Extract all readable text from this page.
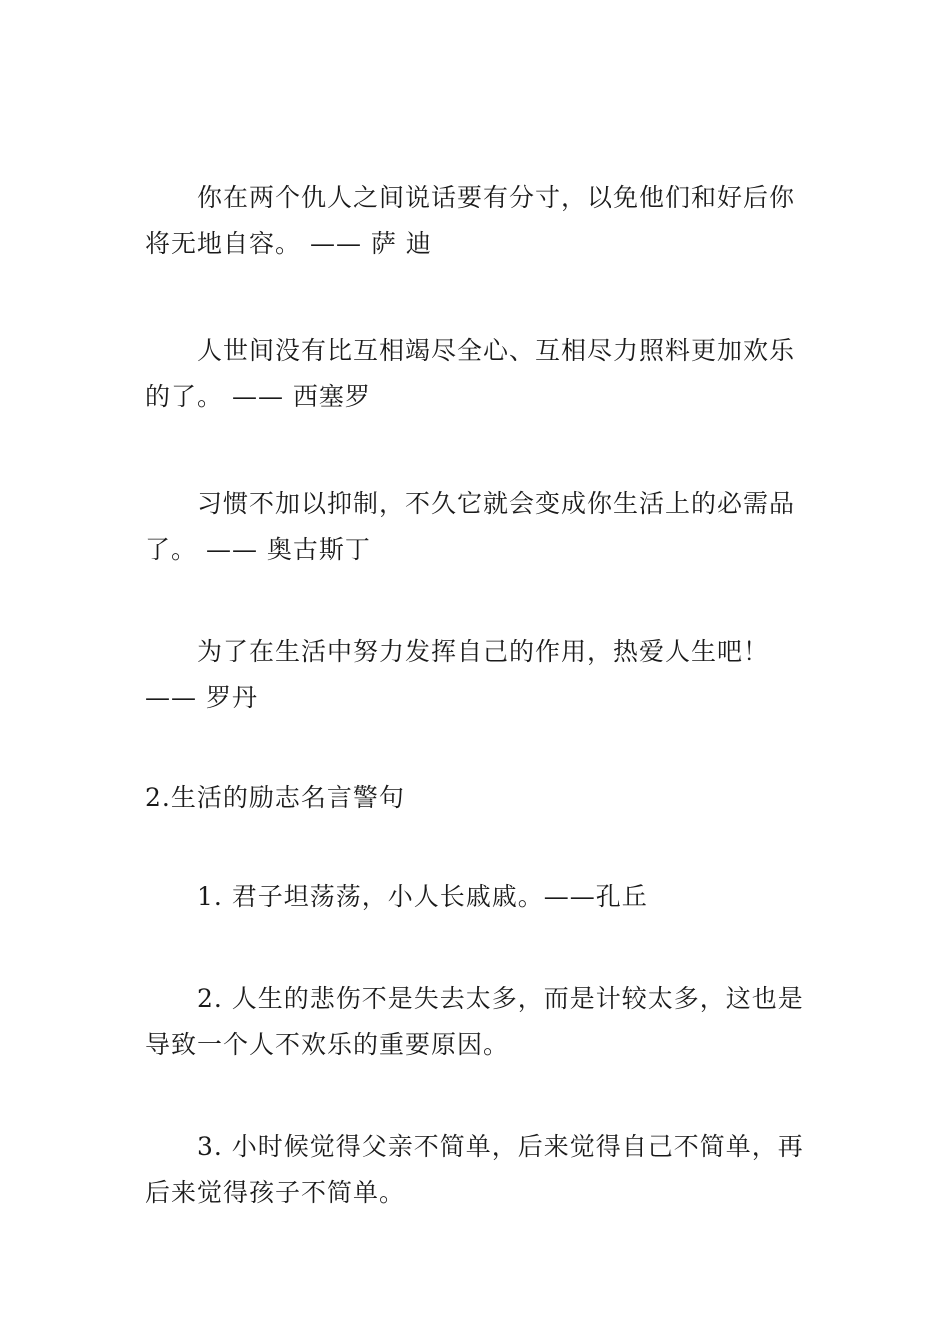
你在两个仇人之间说话要有分寸，以免他们和好后你将无地自容。 —— 萨 迪

人世间没有比互相竭尽全心、互相尽力照料更加欢乐的了。 —— 西塞罗

习惯不加以抑制，不久它就会变成你生活上的必需品了。 —— 奥古斯丁

为了在生活中努力发挥自己的作用，热爱人生吧！ —— 罗丹

2.生活的励志名言警句

1. 君子坦荡荡，小人长戚戚。——孔丘

2. 人生的悲伤不是失去太多，而是计较太多，这也是导致一个人不欢乐的重要原因。

3. 小时候觉得父亲不简单，后来觉得自己不简单，再后来觉得孩子不简单。
